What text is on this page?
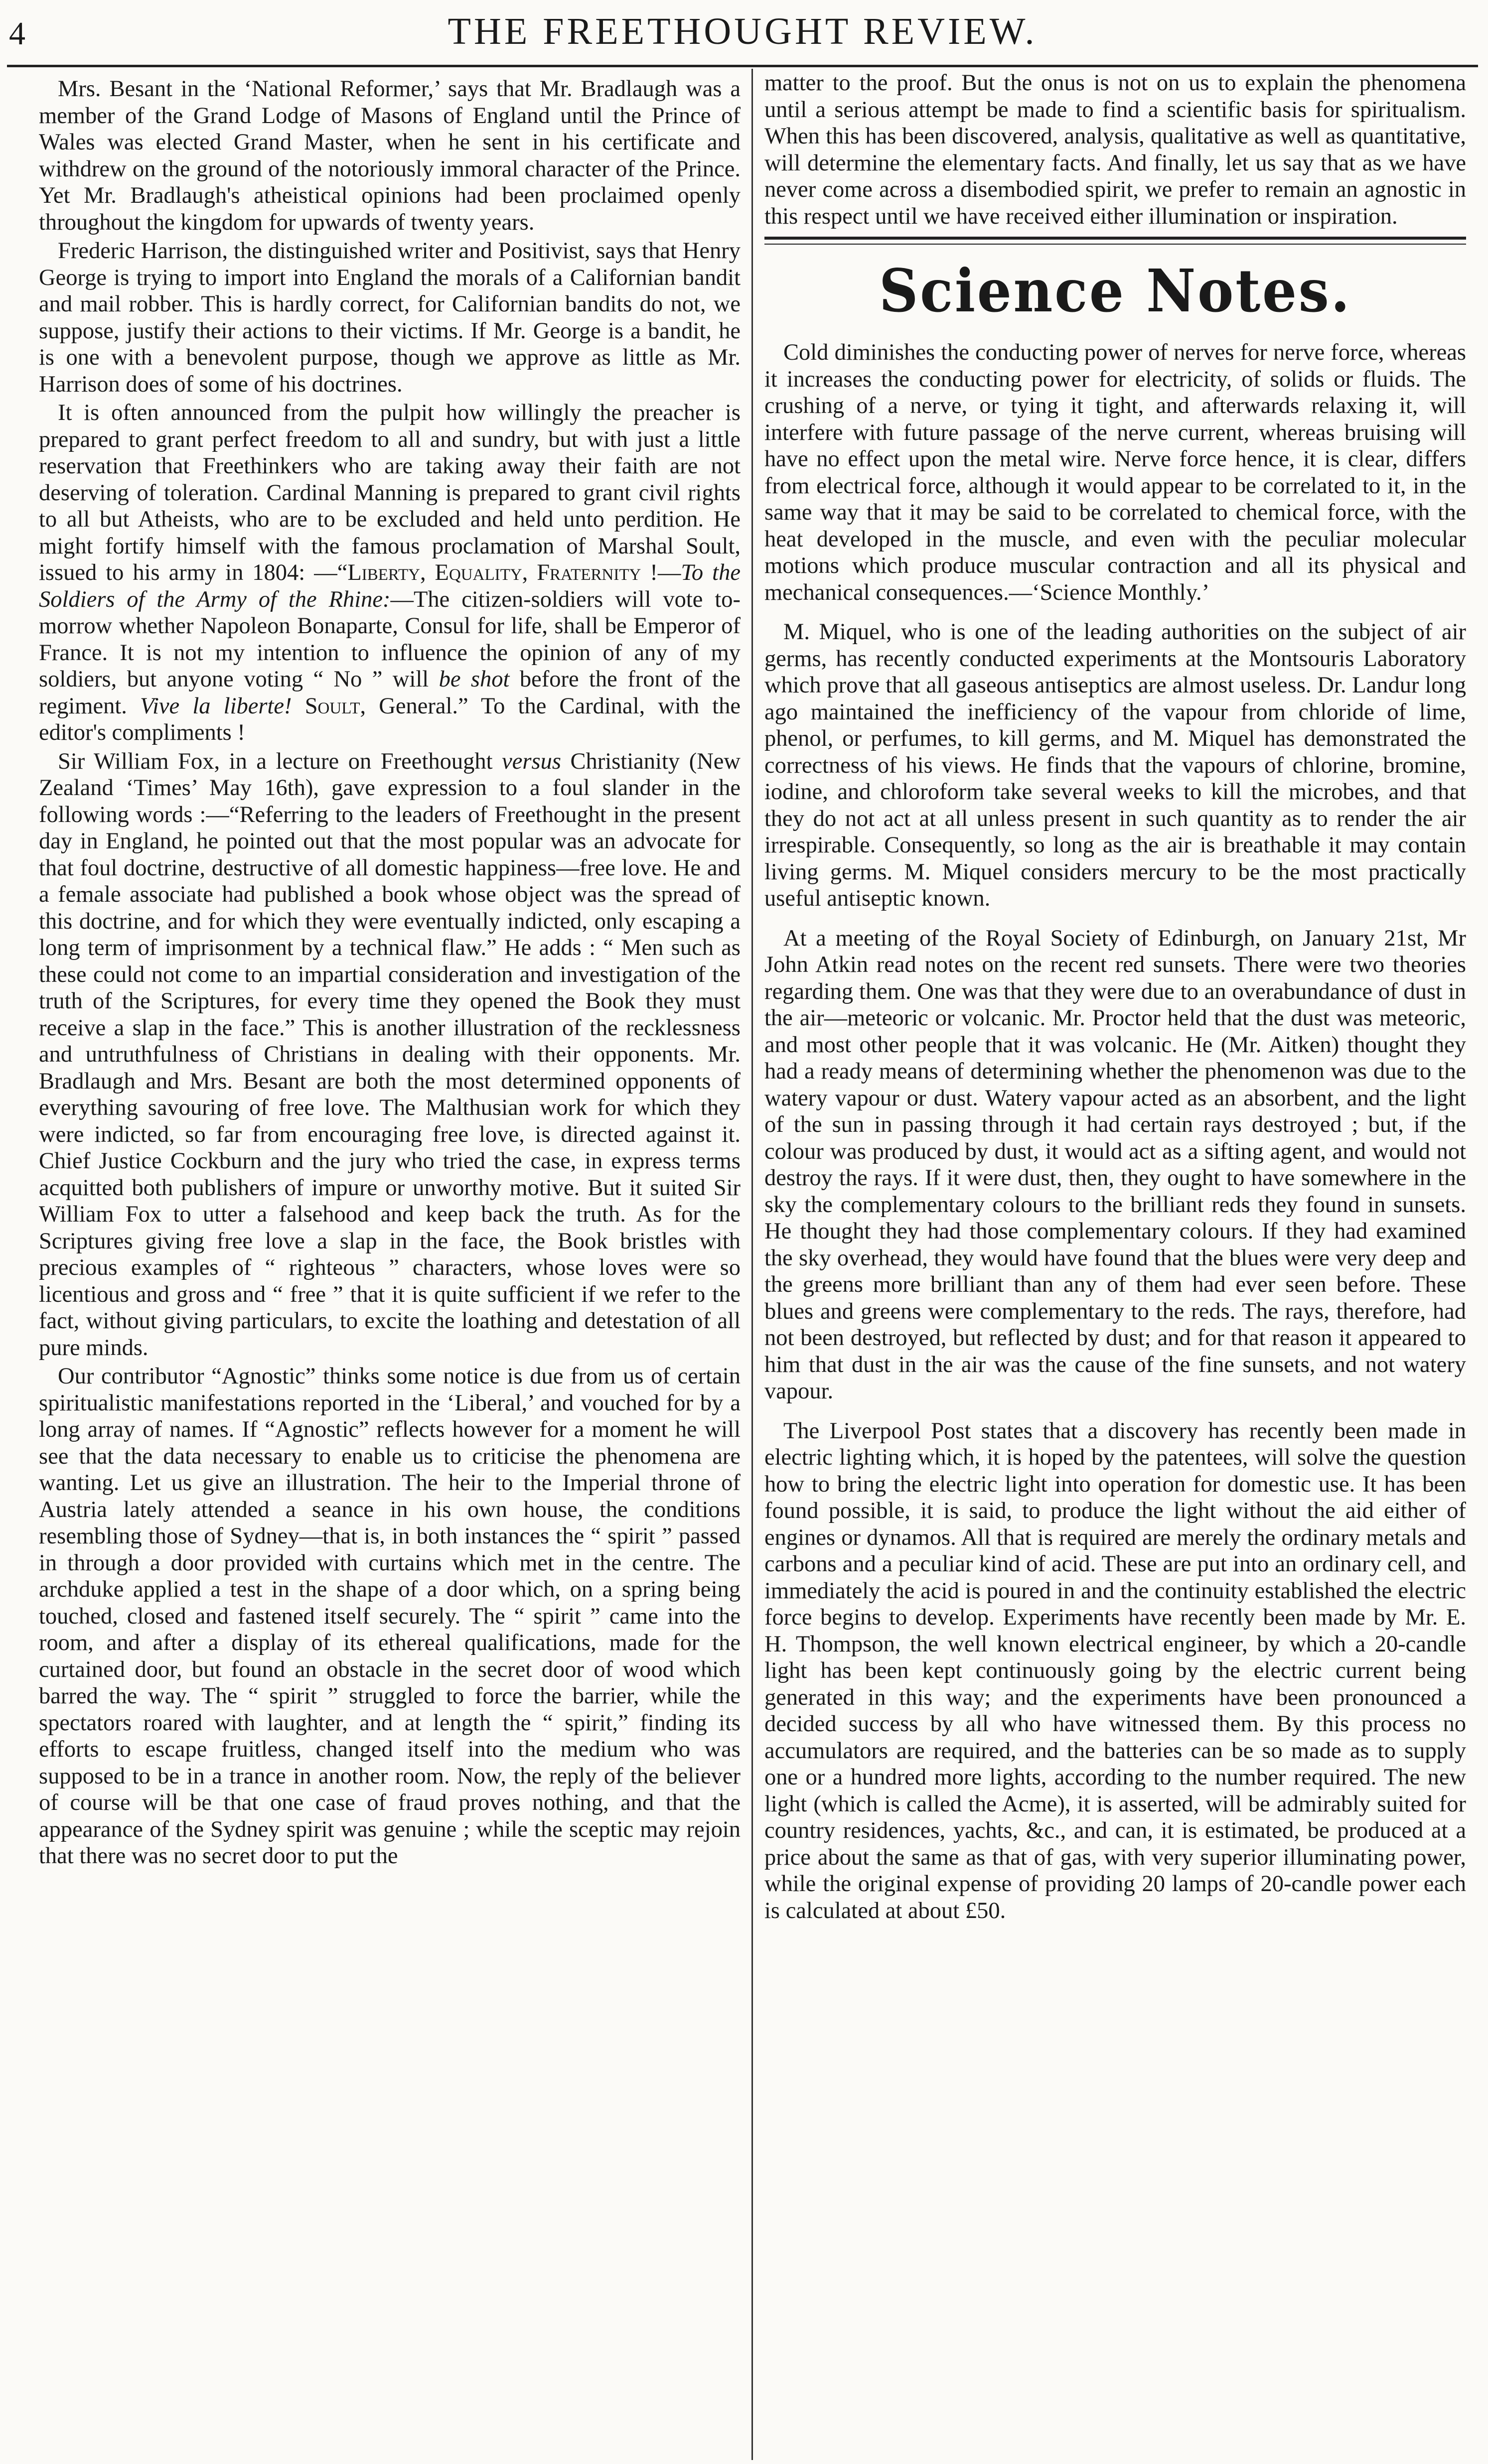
4	THE FREETHOUGHT REVIEW.

Mrs. Besant in the ‘National Reformer,’ says that Mr. Bradlaugh was a member of the Grand Lodge of Masons of England until the Prince of Wales was elected Grand Master, when he sent in his certificate and withdrew on the ground of the notoriously immoral character of the Prince. Yet Mr. Bradlaugh's atheistical opinions had been proclaimed openly throughout the kingdom for upwards of twenty years.

Frederic Harrison, the distinguished writer and Positivist, says that Henry George is trying to import into England the morals of a Californian bandit and mail robber. This is hardly correct, for Californian bandits do not, we suppose, justify their actions to their victims. If Mr. George is a bandit, he is one with a benevolent purpose, though we approve as little as Mr. Harrison does of some of his doctrines.

It is often announced from the pulpit how willingly the preacher is prepared to grant perfect freedom to all and sundry, but with just a little reservation that Freethinkers who are taking away their faith are not deserving of toleration. Cardinal Manning is prepared to grant civil rights to all but Atheists, who are to be excluded and held unto perdition. He might fortify himself with the famous proclamation of Marshal Soult, issued to his army in 1804: —“Liberty, Equality, Fraternity !—To the Soldiers of the Army of the Rhine:—The citizen-soldiers will vote to-morrow whether Napoleon Bonaparte, Consul for life, shall be Emperor of France. It is not my intention to influence the opinion of any of my soldiers, but anyone voting “ No ” will be shot before the front of the regiment. Vive la liberte! Soult, General.” To the Cardinal, with the editor's compliments !

Sir William Fox, in a lecture on Freethought versus Christianity (New Zealand ‘Times’ May 16th), gave expression to a foul slander in the following words :—“Referring to the leaders of Freethought in the present day in England, he pointed out that the most popular was an advocate for that foul doctrine, destructive of all domestic happiness—free love. He and a female associate had published a book whose object was the spread of this doctrine, and for which they were eventually indicted, only escaping a long term of imprisonment by a technical flaw.” He adds : “ Men such as these could not come to an impartial consideration and investigation of the truth of the Scriptures, for every time they opened the Book they must receive a slap in the face.” This is another illustration of the recklessness and untruthfulness of Christians in dealing with their opponents. Mr. Bradlaugh and Mrs. Besant are both the most determined opponents of everything savouring of free love. The Malthusian work for which they were indicted, so far from encouraging free love, is directed against it. Chief Justice Cockburn and the jury who tried the case, in express terms acquitted both publishers of impure or unworthy motive. But it suited Sir William Fox to utter a falsehood and keep back the truth. As for the Scriptures giving free love a slap in the face, the Book bristles with precious examples of “ righteous ” characters, whose loves were so licentious and gross and “ free ” that it is quite sufficient if we refer to the fact, without giving particulars, to excite the loathing and detestation of all pure minds.

Our contributor “Agnostic” thinks some notice is due from us of certain spiritualistic manifestations reported in the ‘Liberal,’ and vouched for by a long array of names. If “Agnostic” reflects however for a moment he will see that the data necessary to enable us to criticise the phenomena are wanting. Let us give an illustration. The heir to the Imperial throne of Austria lately attended a seance in his own house, the conditions resembling those of Sydney—that is, in both instances the “ spirit ” passed in through a door provided with curtains which met in the centre. The archduke applied a test in the shape of a door which, on a spring being touched, closed and fastened itself securely. The “ spirit ” came into the room, and after a display of its ethereal qualifications, made for the curtained door, but found an obstacle in the secret door of wood which barred the way. The “ spirit ” struggled to force the barrier, while the spectators roared with laughter, and at length the “ spirit,” finding its efforts to escape fruitless, changed itself into the medium who was supposed to be in a trance in another room. Now, the reply of the believer of course will be that one case of fraud proves nothing, and that the appearance of the Sydney spirit was genuine ; while the sceptic may rejoin that there was no secret door to put the

matter to the proof. But the onus is not on us to explain the phenomena until a serious attempt be made to find a scientific basis for spiritualism. When this has been discovered, analysis, qualitative as well as quantitative, will determine the elementary facts. And finally, let us say that as we have never come across a disembodied spirit, we prefer to remain an agnostic in this respect until we have received either illumination or inspiration.

Science Notes.

Cold diminishes the conducting power of nerves for nerve force, whereas it increases the conducting power for electricity, of solids or fluids. The crushing of a nerve, or tying it tight, and afterwards relaxing it, will interfere with future passage of the nerve current, whereas bruising will have no effect upon the metal wire. Nerve force hence, it is clear, differs from electrical force, although it would appear to be correlated to it, in the same way that it may be said to be correlated to chemical force, with the heat developed in the muscle, and even with the peculiar molecular motions which produce muscular contraction and all its physical and mechanical consequences.—‘Science Monthly.’

M. Miquel, who is one of the leading authorities on the subject of air germs, has recently conducted experiments at the Montsouris Laboratory which prove that all gaseous antiseptics are almost useless. Dr. Landur long ago maintained the inefficiency of the vapour from chloride of lime, phenol, or perfumes, to kill germs, and M. Miquel has demonstrated the correctness of his views. He finds that the vapours of chlorine, bromine, iodine, and chloroform take several weeks to kill the microbes, and that they do not act at all unless present in such quantity as to render the air irrespirable. Consequently, so long as the air is breathable it may contain living germs. M. Miquel considers mercury to be the most practically useful antiseptic known.

At a meeting of the Royal Society of Edinburgh, on January 21st, Mr John Atkin read notes on the recent red sunsets. There were two theories regarding them. One was that they were due to an overabundance of dust in the air—meteoric or volcanic. Mr. Proctor held that the dust was meteoric, and most other people that it was volcanic. He (Mr. Aitken) thought they had a ready means of determining whether the phenomenon was due to the watery vapour or dust. Watery vapour acted as an absorbent, and the light of the sun in passing through it had certain rays destroyed ; but, if the colour was produced by dust, it would act as a sifting agent, and would not destroy the rays. If it were dust, then, they ought to have somewhere in the sky the complementary colours to the brilliant reds they found in sunsets. He thought they had those complementary colours. If they had examined the sky overhead, they would have found that the blues were very deep and the greens more brilliant than any of them had ever seen before. These blues and greens were complementary to the reds. The rays, therefore, had not been destroyed, but reflected by dust; and for that reason it appeared to him that dust in the air was the cause of the fine sunsets, and not watery vapour.

The Liverpool Post states that a discovery has recently been made in electric lighting which, it is hoped by the patentees, will solve the question how to bring the electric light into operation for domestic use. It has been found possible, it is said, to produce the light without the aid either of engines or dynamos. All that is required are merely the ordinary metals and carbons and a peculiar kind of acid. These are put into an ordinary cell, and immediately the acid is poured in and the continuity established the electric force begins to develop. Experiments have recently been made by Mr. E. H. Thompson, the well known electrical engineer, by which a 20-candle light has been kept continuously going by the electric current being generated in this way; and the experiments have been pronounced a decided success by all who have witnessed them. By this process no accumulators are required, and the batteries can be so made as to supply one or a hundred more lights, according to the number required. The new light (which is called the Acme), it is asserted, will be admirably suited for country residences, yachts, &c., and can, it is estimated, be produced at a price about the same as that of gas, with very superior illuminating power, while the original expense of providing 20 lamps of 20-candle power each is calculated at about £50.
